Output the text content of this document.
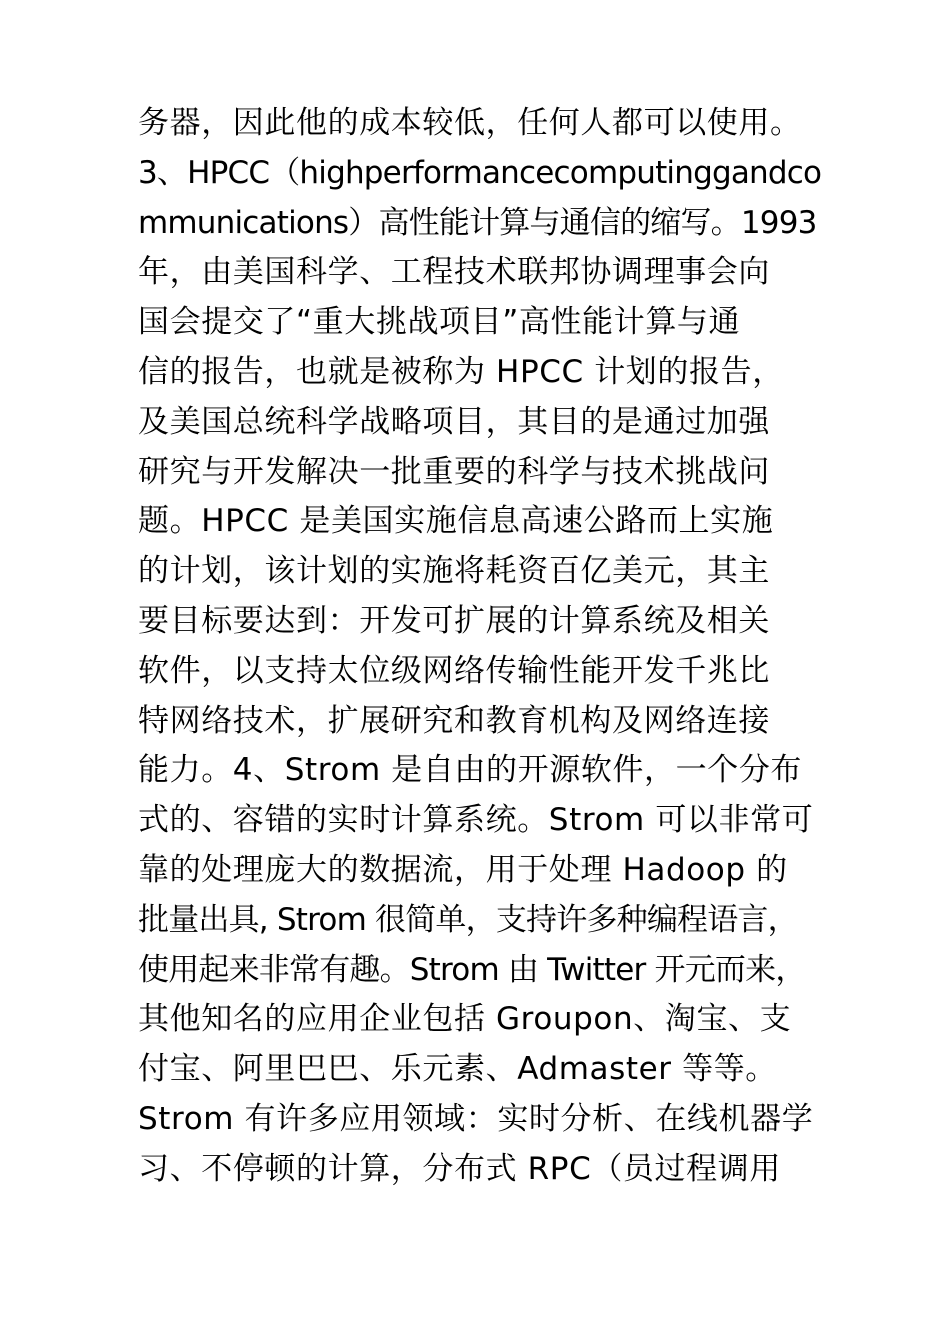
务器，因此他的成本较低，任何人都可以使用。
3、HPCC（highperformancecomputinggandco
mmunications）高性能计算与通信的缩写。1993
年，由美国科学、工程技术联邦协调理事会向
国会提交了“重大挑战项目”高性能计算与通
信的报告，也就是被称为 HPCC 计划的报告，
及美国总统科学战略项目，其目的是通过加强
研究与开发解决一批重要的科学与技术挑战问
题。HPCC 是美国实施信息高速公路而上实施
的计划，该计划的实施将耗资百亿美元，其主
要目标要达到：开发可扩展的计算系统及相关
软件，以支持太位级网络传输性能开发千兆比
特网络技术，扩展研究和教育机构及网络连接
能力。4、Strom 是自由的开源软件，一个分布
式的、容错的实时计算系统。Strom 可以非常可
靠的处理庞大的数据流，用于处理 Hadoop 的
批量出具, Strom 很简单，支持许多种编程语言，
使用起来非常有趣。Strom 由 Twitter 开元而来，
其他知名的应用企业包括 Groupon、淘宝、支
付宝、阿里巴巴、乐元素、Admaster 等等。
Strom 有许多应用领域：实时分析、在线机器学
习、不停顿的计算，分布式 RPC（员过程调用
